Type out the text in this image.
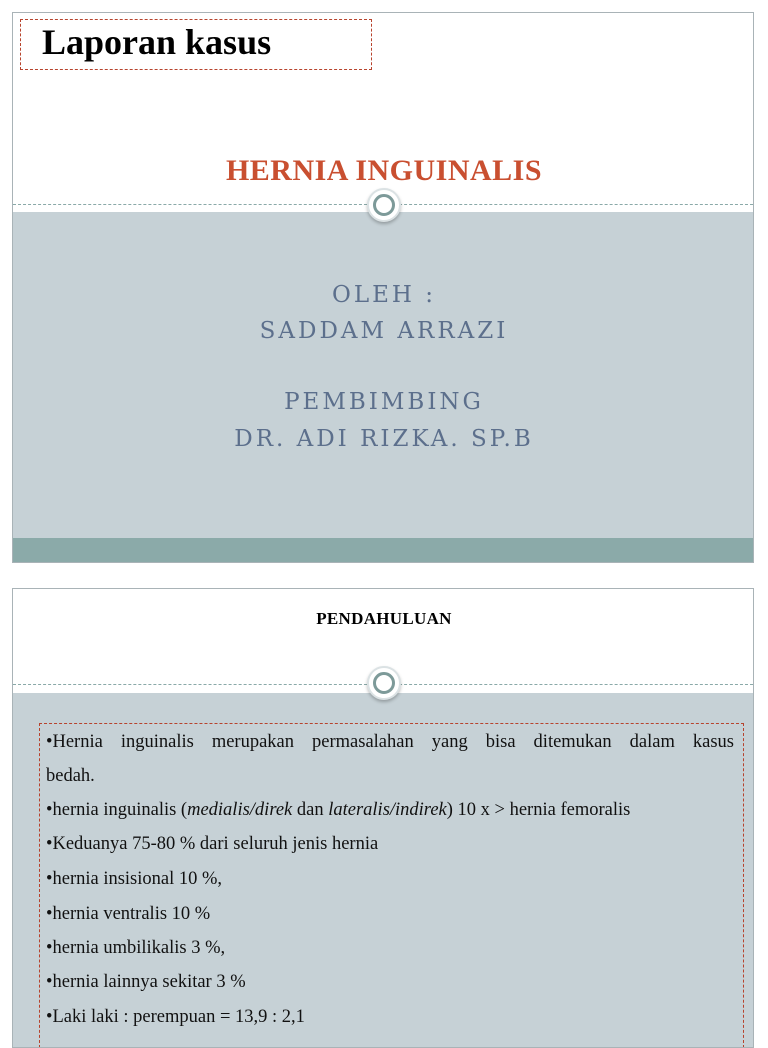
Laporan kasus
HERNIA INGUINALIS
OLEH :
SADDAM ARRAZI
PEMBIMBING
DR. ADI RIZKA. SP.B
PENDAHULUAN
•Hernia inguinalis merupakan permasalahan yang bisa ditemukan dalam kasus
bedah.
•hernia inguinalis (medialis/direk dan lateralis/indirek) 10 x > hernia femoralis
•Keduanya 75-80 % dari seluruh jenis hernia
•hernia insisional 10 %,
•hernia ventralis 10 %
•hernia umbilikalis 3 %,
•hernia lainnya sekitar 3 %
•Laki laki : perempuan = 13,9 : 2,1
